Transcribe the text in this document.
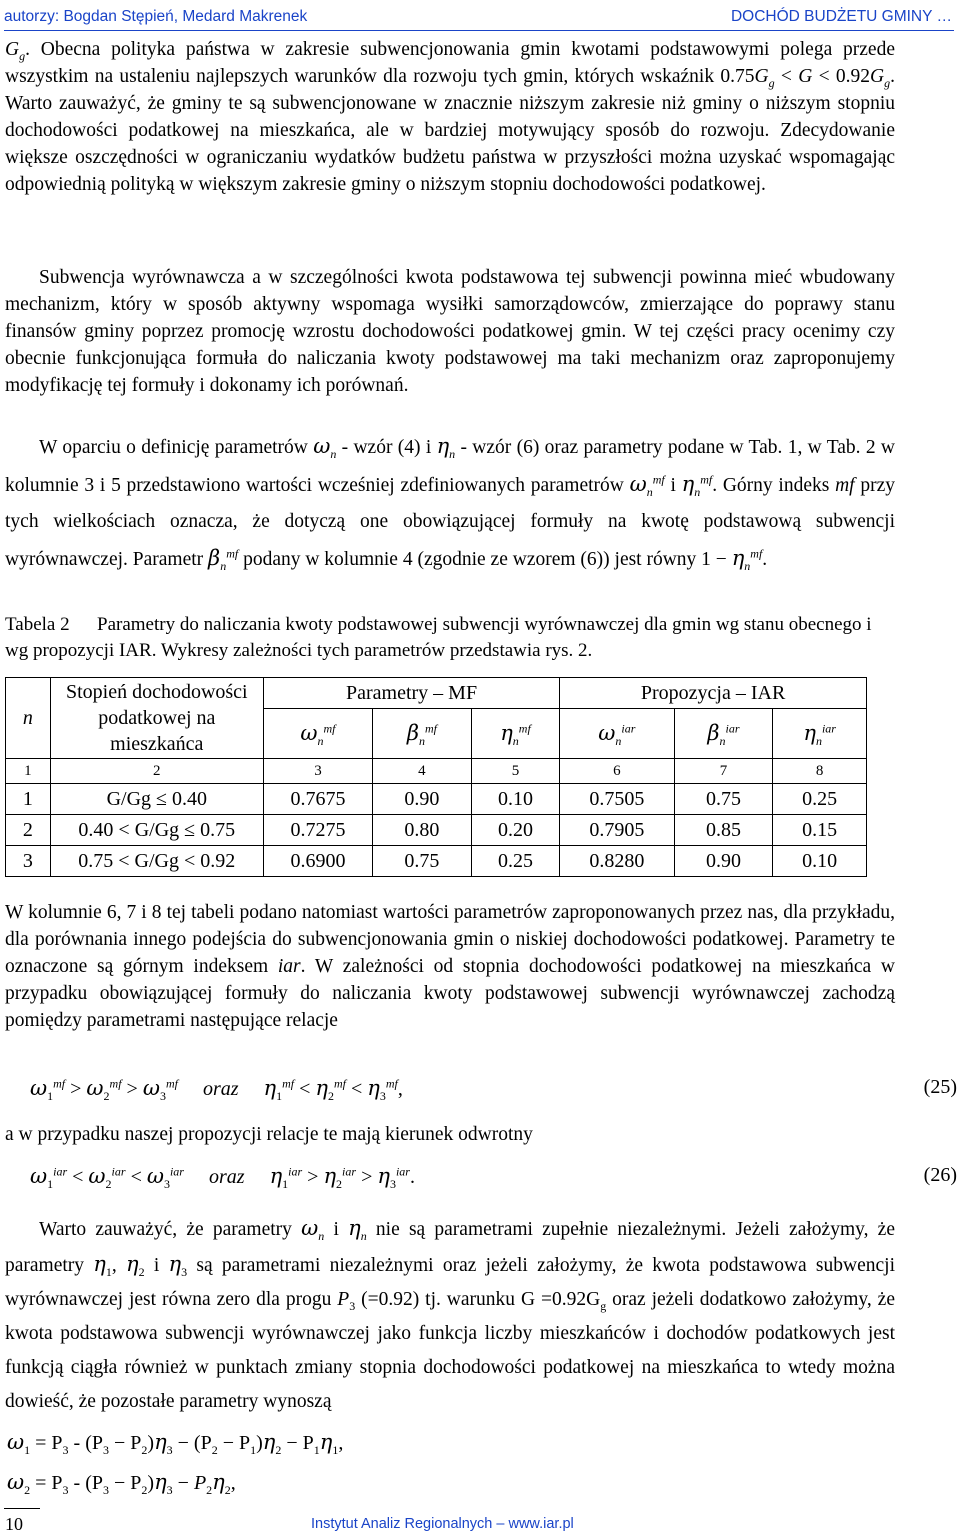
autorzy: Bogdan Stępień, Medard Makrenek	DOCHÓD BUDŻETU GMINY …

$G_g$. Obecna polityka państwa w zakresie subwencjonowania gmin kwotami podstawowymi polega przede wszystkim na ustaleniu najlepszych warunków dla rozwoju tych gmin, których wskaźnik $0.75G_g < G < 0.92G_g$. Warto zauważyć, że gminy te są subwencjonowane w znacznie niższym zakresie niż gminy o niższym stopniu dochodowości podatkowej na mieszkańca, ale w bardziej motywujący sposób do rozwoju. Zdecydowanie większe oszczędności w ograniczaniu wydatków budżetu państwa w przyszłości można uzyskać wspomagając odpowiednią polityką w większym zakresie gminy o niższym stopniu dochodowości podatkowej.

Subwencja wyrównawcza a w szczególności kwota podstawowa tej subwencji powinna mieć wbudowany mechanizm, który w sposób aktywny wspomaga wysiłki samorządowców, zmierzające do poprawy stanu finansów gminy poprzez promocję wzrostu dochodowości podatkowej gmin. W tej części pracy ocenimy czy obecnie funkcjonująca formuła do naliczania kwoty podstawowej ma taki mechanizm oraz zaproponujemy modyfikację tej formuły i dokonamy ich porównań.

W oparciu o definicję parametrów $\omega_n$ - wzór (4) i $\eta_n$ - wzór (6) oraz parametry podane w Tab. 1, w Tab. 2 w kolumnie 3 i 5 przedstawiono wartości wcześniej zdefiniowanych parametrów $\omega_n^{mf}$ i $\eta_n^{mf}$. Górny indeks mf przy tych wielkościach oznacza, że dotyczą one obowiązującej formuły na kwotę podstawową subwencji wyrównawczej. Parametr $\beta_n^{mf}$ podany w kolumnie 4 (zgodnie ze wzorem (6)) jest równy $1 - \eta_n^{mf}$.

Tabela 2 Parametry do naliczania kwoty podstawowej subwencji wyrównawczej dla gmin wg stanu obecnego i wg propozycji IAR. Wykresy zależności tych parametrów przedstawia rys. 2.
n	Stopień dochodowości podatkowej na mieszkańca	Parametry – MF			Propozycja – IAR		
		$\omega_n^{mf}$	$\beta_n^{mf}$	$\eta_n^{mf}$	$\omega_n^{iar}$	$\beta_n^{iar}$	$\eta_n^{iar}$
1	2	3	4	5	6	7	8
1	G/Gg ≤ 0.40	0.7675	0.90	0.10	0.7505	0.75	0.25
2	0.40 < G/Gg ≤ 0.75	0.7275	0.80	0.20	0.7905	0.85	0.15
3	0.75 < G/Gg < 0.92	0.6900	0.75	0.25	0.8280	0.90	0.10

W kolumnie 6, 7 i 8 tej tabeli podano natomiast wartości parametrów zaproponowanych przez nas, dla przykładu, dla porównania innego podejścia do subwencjonowania gmin o niskiej dochodowości podatkowej. Parametry te oznaczone są górnym indeksem iar. W zależności od stopnia dochodowości podatkowej na mieszkańca w przypadku obowiązującej formuły do naliczania kwoty podstawowej subwencji wyrównawczej zachodzą pomiędzy parametrami następujące relacje

$\omega_1^{mf} > \omega_2^{mf} > \omega_3^{mf}$ oraz $\eta_1^{mf} < \eta_2^{mf} < \eta_3^{mf}$,	(25)

a w przypadku naszej propozycji relacje te mają kierunek odwrotny

$\omega_1^{iar} < \omega_2^{iar} < \omega_3^{iar}$ oraz $\eta_1^{iar} > \eta_2^{iar} > \eta_3^{iar}$.	(26)

Warto zauważyć, że parametry $\omega_n$ i $\eta_n$ nie są parametrami zupełnie niezależnymi. Jeżeli założymy, że parametry $\eta_1$, $\eta_2$ i $\eta_3$ są parametrami niezależnymi oraz jeżeli założymy, że kwota podstawowa subwencji wyrównawczej jest równa zero dla progu $P_3$ (=0.92) tj. warunku $G =0.92G_g$ oraz jeżeli dodatkowo założymy, że kwota podstawowa subwencji wyrównawczej jako funkcja liczby mieszkańców i dochodów podatkowych jest funkcją ciągła również w punktach zmiany stopnia dochodowości podatkowej na mieszkańca to wtedy można dowieść, że pozostałe parametry wynoszą

$\omega_1 = P_3 - (P_3 - P_2)\eta_3 - (P_2 - P_1)\eta_2 - P_1\eta_1$,
$\omega_2 = P_3 - (P_3 - P_2)\eta_3 - P_2\eta_2$,
10	Instytut Analiz Regionalnych – www.iar.pl
